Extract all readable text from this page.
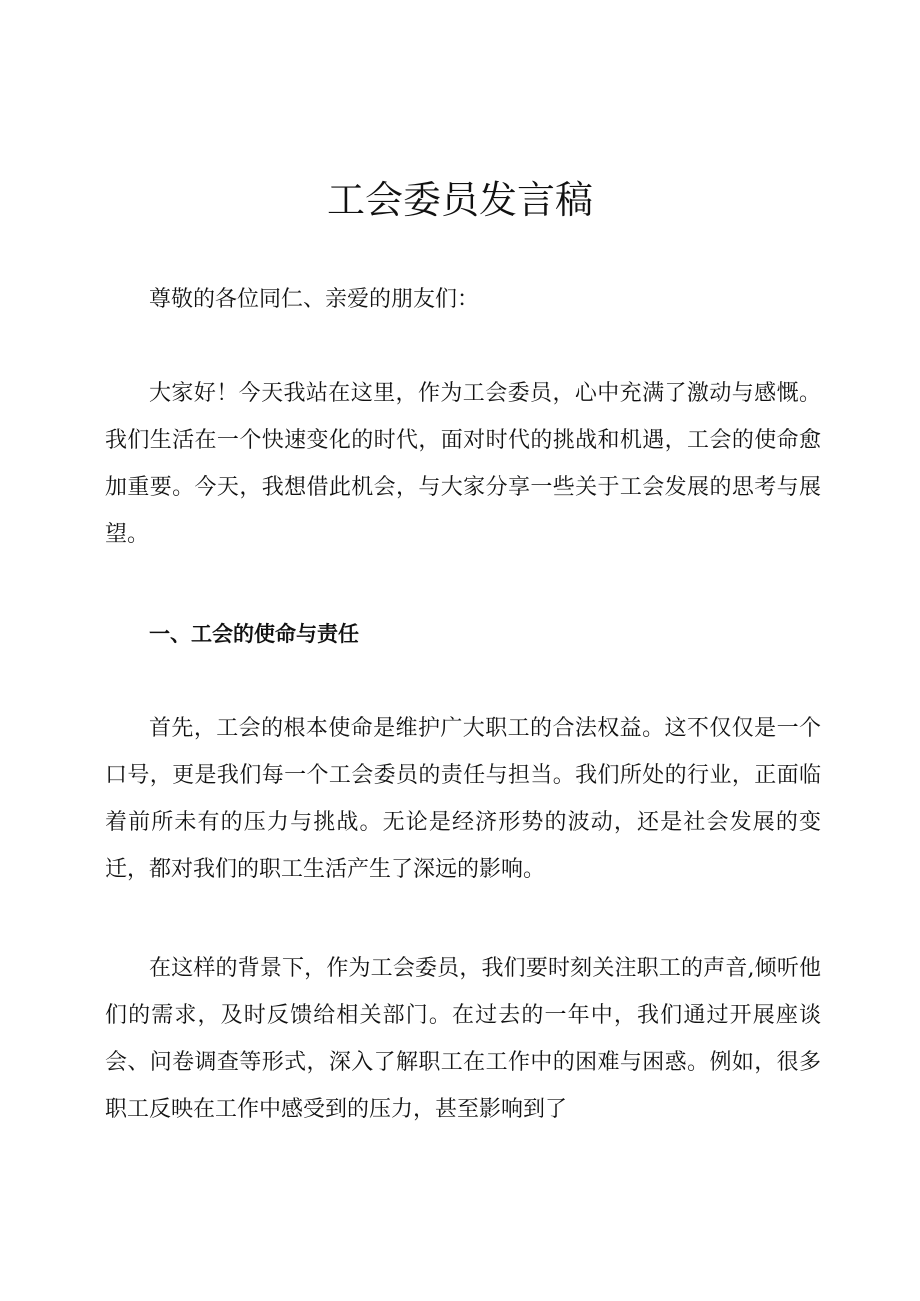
工会委员发言稿

尊敬的各位同仁、亲爱的朋友们：

大家好！今天我站在这里，作为工会委员，心中充满了激动与感慨。我们生活在一个快速变化的时代，面对时代的挑战和机遇，工会的使命愈加重要。今天，我想借此机会，与大家分享一些关于工会发展的思考与展望。

一、工会的使命与责任

首先，工会的根本使命是维护广大职工的合法权益。这不仅仅是一个口号，更是我们每一个工会委员的责任与担当。我们所处的行业，正面临着前所未有的压力与挑战。无论是经济形势的波动，还是社会发展的变迁，都对我们的职工生活产生了深远的影响。

在这样的背景下，作为工会委员，我们要时刻关注职工的声音,倾听他们的需求，及时反馈给相关部门。在过去的一年中，我们通过开展座谈会、问卷调查等形式，深入了解职工在工作中的困难与困惑。例如，很多职工反映在工作中感受到的压力，甚至影响到了
